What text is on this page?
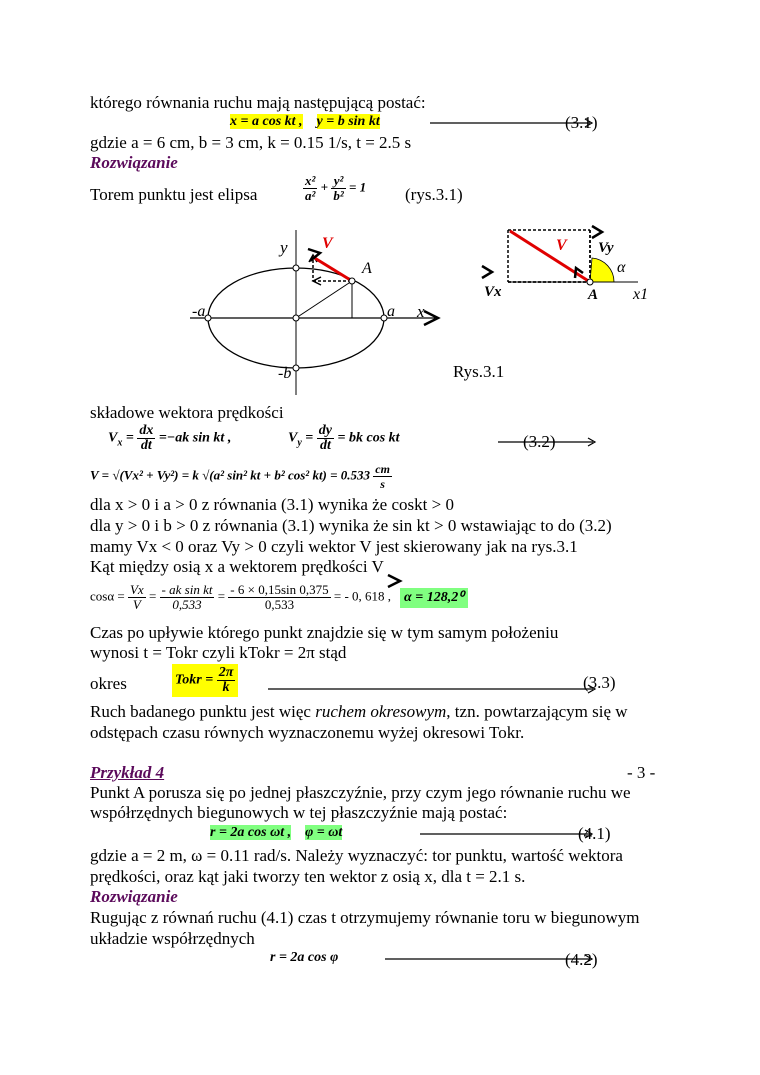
którego równania ruchu mają następującą postać:
x = a cos kt , y = b sin kt	(3.1)
gdzie a = 6 cm, b = 3 cm, k = 0.15 1/s, t = 2.5 s
Rozwiązanie
Torem punktu jest elipsa	$\frac{\text{x²}}{\text{a²}} + \frac{\text{y²}}{\text{b²}} = 1$ (rys.3.1)
y
x
V
A
-a	a
-b
V Vy
α
Vx	A x1
Rys.3.1
składowe wektora prędkości
$V_x = \frac{dx}{dt} =-ak$ sin kt ,	$V_y = \frac{dy}{dt}$ = bk cos kt	(3.2)
V = √(Vx² + Vy²) = k √(a² sin² kt + b² cos² $kt) = 0.533 \frac{cm}{s}$
dla x > 0 i a > 0 z równania (3.1) wynika że coskt > 0
dla y > 0 i b > 0 z równania (3.1) wynika że sin kt > 0 wstawiając to do (3.2)
mamy Vx < 0 oraz Vy > 0 czyli wektor V jest skierowany jak na rys.3.1
Kąt między osią x a wektorem prędkości V
$\cos\alpha = \frac{Vx}{V} = \frac{\text{- ak sin kt}}{0,533} = \frac{- 6 \times 0,15\sin 0,375}{0,533}$ = - 0, 618 , α = 128,2⁰
Czas po upływie którego punkt znajdzie się w tym samym położeniu
wynosi t = Tokr czyli kTokr = 2π stąd
okres	Tokr = $\frac{2\pi}{k}$	(3.3)
Ruch badanego punktu jest więc ruchem okresowym, tzn. powtarzającym się w
odstępach czasu równych wyznaczonemu wyżej okresowi Tokr.
Przykład 4	- 3 -
Punkt A porusza się po jednej płaszczyźnie, przy czym jego równanie ruchu we
współrzędnych biegunowych w tej płaszczyźnie mają postać:
r = 2a cos ωt , φ = ωt	(4.1)
gdzie a = 2 m, ω = 0.11 rad/s. Należy wyznaczyć: tor punktu, wartość wektora
prędkości, oraz kąt jaki tworzy ten wektor z osią x, dla t = 2.1 s.
Rozwiązanie
Rugując z równań ruchu (4.1) czas t otrzymujemy równanie toru w biegunowym
układzie współrzędnych
r = 2a cos φ	(4.2)
